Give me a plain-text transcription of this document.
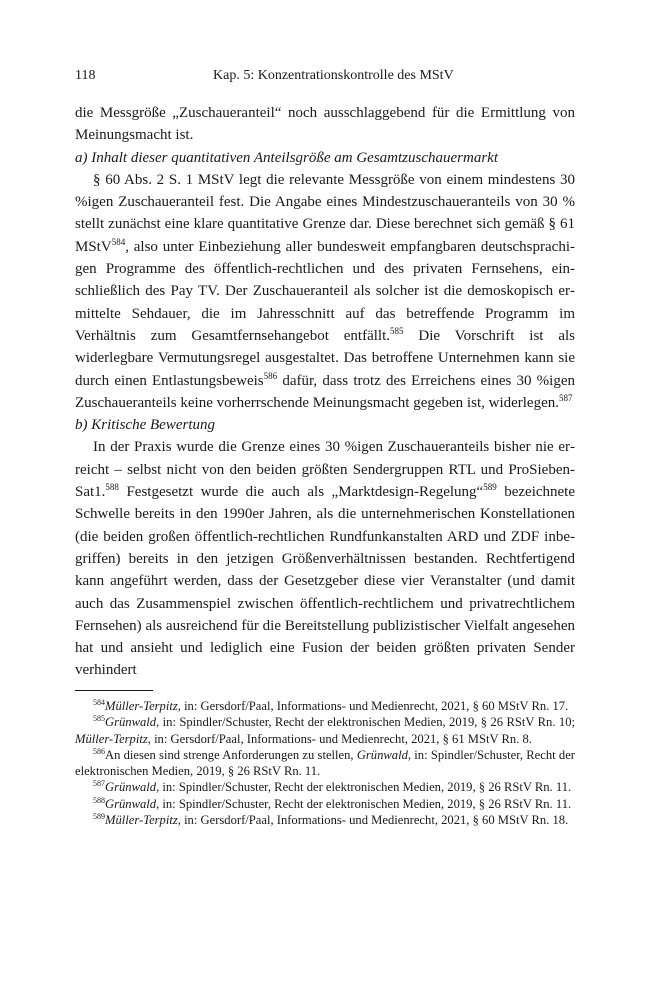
118	Kap. 5: Konzentrationskontrolle des MStV

die Messgröße „Zuschaueranteil“ noch ausschlaggebend für die Ermittlung von Meinungsmacht ist.

a) Inhalt dieser quantitativen Anteilsgröße am Gesamtzuschauermarkt

§ 60 Abs. 2 S. 1 MStV legt die relevante Messgröße von einem mindestens 30 %igen Zuschaueranteil fest. Die Angabe eines Mindestzuschaueranteils von 30 % stellt zunächst eine klare quantitative Grenze dar. Diese berechnet sich gemäß § 61 MStV$^{584}$, also unter Einbeziehung aller bundesweit empfangbaren deutschsprachigen Programme des öffentlich-rechtlichen und des privaten Fernsehens, einschließlich des Pay TV. Der Zuschaueranteil als solcher ist die demoskopisch ermittelte Sehdauer, die im Jahresschnitt auf das betreffende Programm im Verhältnis zum Gesamtfernsehangebot entfällt.$^{585}$ Die Vorschrift ist als widerlegbare Vermutungsregel ausgestaltet. Das betroffene Unternehmen kann sie durch einen Entlastungsbeweis$^{586}$ dafür, dass trotz des Erreichens eines 30 %igen Zuschaueranteils keine vorherrschende Meinungsmacht gegeben ist, widerlegen.$^{587}$

b) Kritische Bewertung

In der Praxis wurde die Grenze eines 30 %igen Zuschaueranteils bisher nie erreicht – selbst nicht von den beiden größten Sendergruppen RTL und ProSiebenSat1.$^{588}$ Festgesetzt wurde die auch als „Marktdesign-Regelung“$^{589}$ bezeichnete Schwelle bereits in den 1990er Jahren, als die unternehmerischen Konstellationen (die beiden großen öffentlich-rechtlichen Rundfunkanstalten ARD und ZDF inbegriffen) bereits in den jetzigen Größenverhältnissen bestanden. Rechtfertigend kann angeführt werden, dass der Gesetzgeber diese vier Veranstalter (und damit auch das Zusammenspiel zwischen öffentlich-rechtlichem und privatrechtlichem Fernsehen) als ausreichend für die Bereitstellung publizistischer Vielfalt angesehen hat und ansieht und lediglich eine Fusion der beiden größten privaten Sender verhindert

$^{584}$Müller-Terpitz, in: Gersdorf/Paal, Informations- und Medienrecht, 2021, § 60 MStV Rn. 17.

$^{585}$Grünwald, in: Spindler/Schuster, Recht der elektronischen Medien, 2019, § 26 RStV Rn. 10; Müller-Terpitz, in: Gersdorf/Paal, Informations- und Medienrecht, 2021, § 61 MStV Rn. 8.

$^{586}$An diesen sind strenge Anforderungen zu stellen, Grünwald, in: Spindler/Schuster, Recht der elektronischen Medien, 2019, § 26 RStV Rn. 11.

$^{587}$Grünwald, in: Spindler/Schuster, Recht der elektronischen Medien, 2019, § 26 RStV Rn. 11.

$^{588}$Grünwald, in: Spindler/Schuster, Recht der elektronischen Medien, 2019, § 26 RStV Rn. 11.

$^{589}$Müller-Terpitz, in: Gersdorf/Paal, Informations- und Medienrecht, 2021, § 60 MStV Rn. 18.
